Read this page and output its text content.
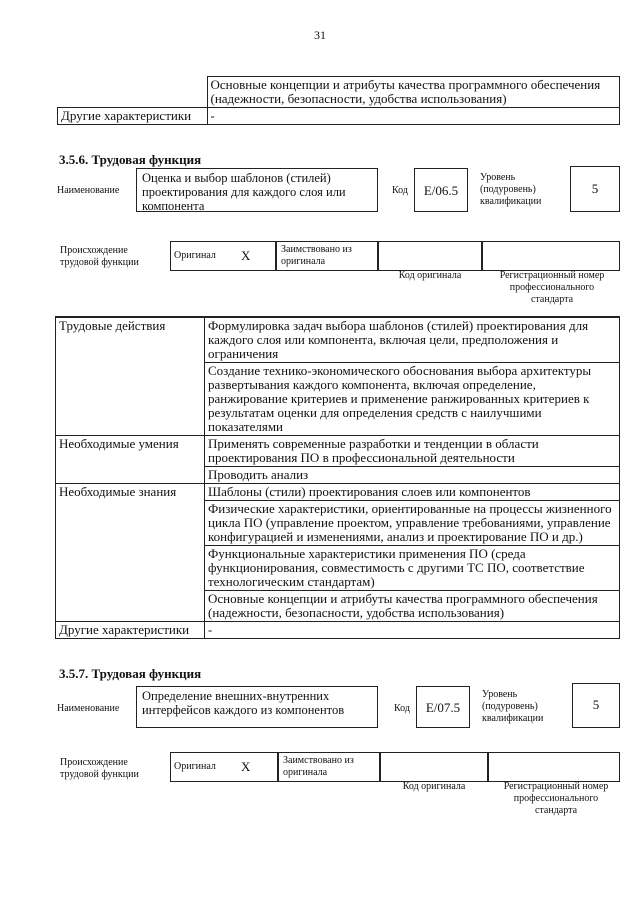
31
	Основные концепции и атрибуты качества программного обеспечения (надежности, безопасности, удобства использования)
Другие характеристики	-
3.5.6. Трудовая функция
Наименование
Оценка и выбор шаблонов (стилей) проектирования для каждого слоя или компонента
Код	E/06.5
Уровень (подуровень) квалификации
5
Происхождение трудовой функции
Оригинал X	Заимствовано из оригинала
Код оригинала	Регистрационный номер профессионального стандарта
Трудовые действия	Формулировка задач выбора шаблонов (стилей) проектирования для каждого слоя или компонента, включая цели, предположения и ограничения
	Создание технико-экономического обоснования выбора архитектуры развертывания каждого компонента, включая определение, ранжирование критериев и применение ранжированных критериев к результатам оценки для определения средств с наилучшими показателями
Необходимые умения	Применять современные разработки и тенденции в области проектирования ПО в профессиональной деятельности
	Проводить анализ
Необходимые знания	Шаблоны (стили) проектирования слоев или компонентов
	Физические характеристики, ориентированные на процессы жизненного цикла ПО (управление проектом, управление требованиями, управление конфигурацией и изменениями, анализ и проектирование ПО и др.)
	Функциональные характеристики применения ПО (среда функционирования, совместимость с другими ТС ПО, соответствие технологическим стандартам)
	Основные концепции и атрибуты качества программного обеспечения (надежности, безопасности, удобства использования)
Другие характеристики	-
3.5.7. Трудовая функция
Наименование
Определение внешних-внутренних интерфейсов каждого из компонентов	Код	E/07.5
Уровень (подуровень) квалификации
5
Происхождение трудовой функции
Оригинал X	Заимствовано из оригинала
Код оригинала	Регистрационный номер профессионального стандарта
